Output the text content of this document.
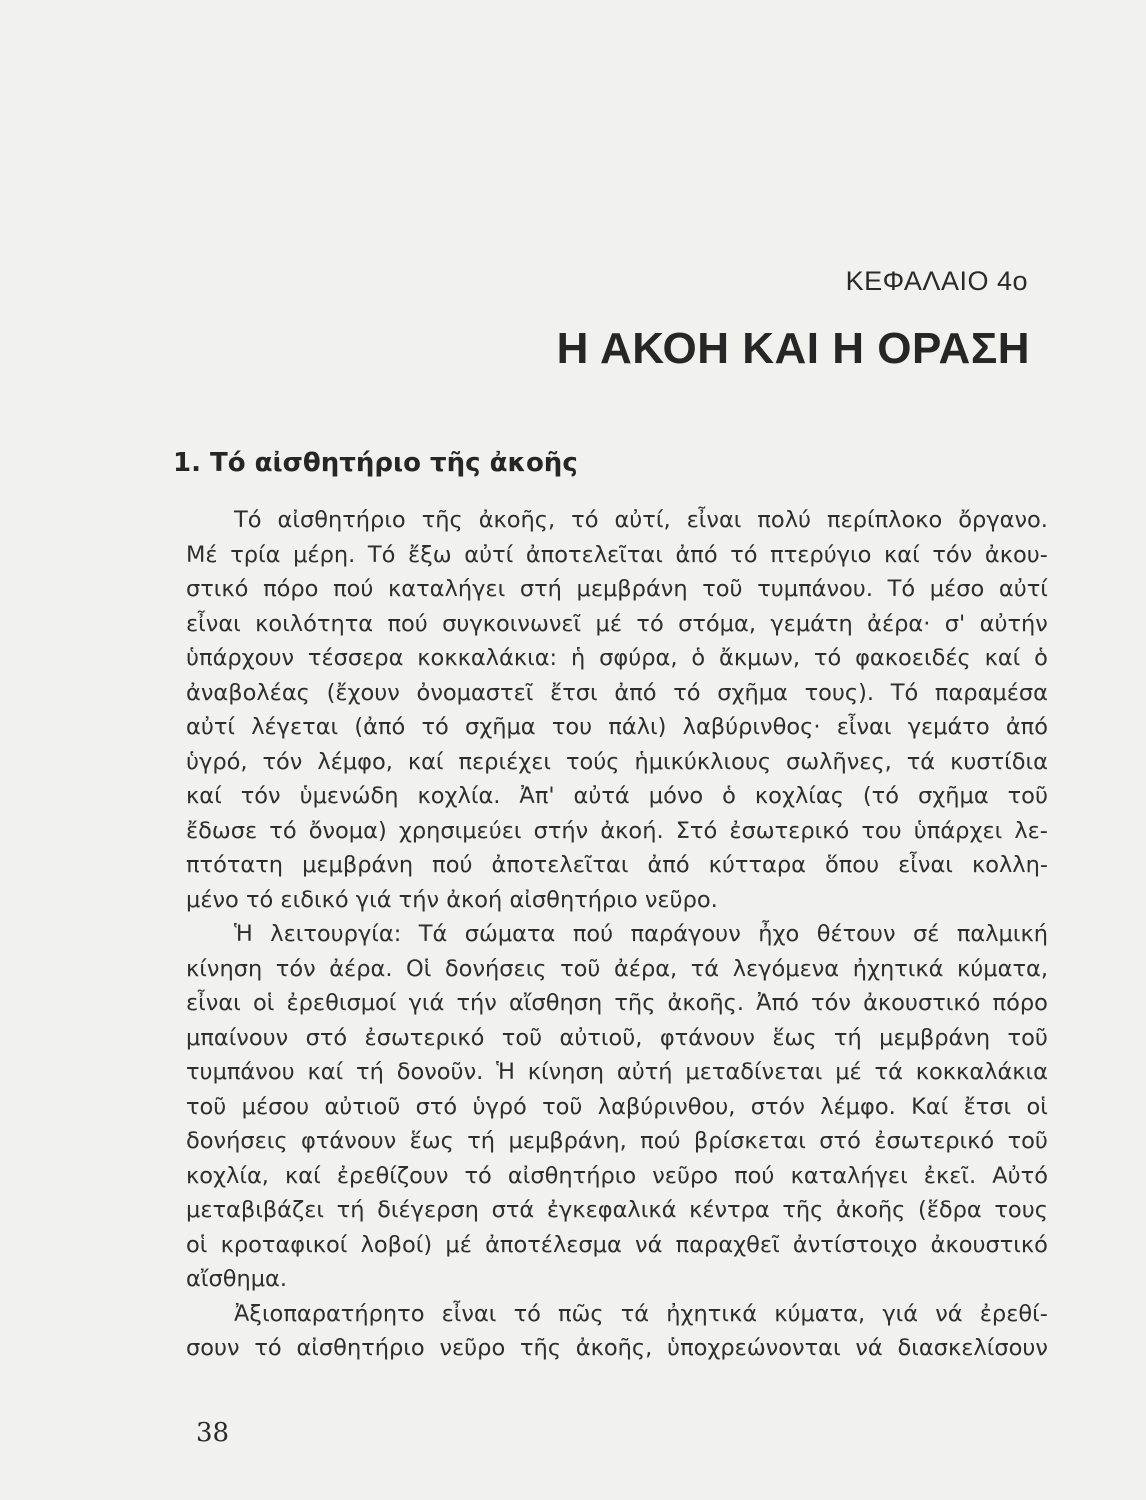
ΚΕΦΑΛΑΙΟ 4ο
Η ΑΚΟΗ ΚΑΙ Η ΟΡΑΣΗ
1. Τό αἰσθητήριο τῆς ἀκοῆς
Τό αἰσθητήριο τῆς ἀκοῆς, τό αὐτί, εἶναι πολύ περίπλοκο ὄργανο.
Μέ τρία μέρη. Τό ἔξω αὐτί ἀποτελεῖται ἀπό τό πτερύγιο καί τόν ἀκου-
στικό πόρο πού καταλήγει στή μεμβράνη τοῦ τυμπάνου. Τό μέσο αὐτί
εἶναι κοιλότητα πού συγκοινωνεῖ μέ τό στόμα, γεμάτη ἀέρα· σ' αὐτήν
ὑπάρχουν τέσσερα κοκκαλάκια: ἡ σφύρα, ὁ ἄκμων, τό φακοειδές καί ὁ
ἀναβολέας (ἔχουν ὀνομαστεῖ ἔτσι ἀπό τό σχῆμα τους). Τό παραμέσα
αὐτί λέγεται (ἀπό τό σχῆμα του πάλι) λαβύρινθος· εἶναι γεμάτο ἀπό
ὑγρό, τόν λέμφο, καί περιέχει τούς ἡμικύκλιους σωλῆνες, τά κυστίδια
καί τόν ὑμενώδη κοχλία. Ἀπ' αὐτά μόνο ὁ κοχλίας (τό σχῆμα τοῦ
ἔδωσε τό ὄνομα) χρησιμεύει στήν ἀκοή. Στό ἐσωτερικό του ὑπάρχει λε-
πτότατη μεμβράνη πού ἀποτελεῖται ἀπό κύτταρα ὅπου εἶναι κολλη-
μένο τό ειδικό γιά τήν ἀκοή αἰσθητήριο νεῦρο.
Ἡ λειτουργία: Τά σώματα πού παράγουν ἦχο θέτουν σέ παλμική
κίνηση τόν ἀέρα. Οἱ δονήσεις τοῦ ἀέρα, τά λεγόμενα ἠχητικά κύματα,
εἶναι οἱ ἐρεθισμοί γιά τήν αἴσθηση τῆς ἀκοῆς. Ἀπό τόν ἀκουστικό πόρο
μπαίνουν στό ἐσωτερικό τοῦ αὐτιοῦ, φτάνουν ἕως τή μεμβράνη τοῦ
τυμπάνου καί τή δονοῦν. Ἡ κίνηση αὐτή μεταδίνεται μέ τά κοκκαλάκια
τοῦ μέσου αὐτιοῦ στό ὑγρό τοῦ λαβύρινθου, στόν λέμφο. Καί ἔτσι οἱ
δονήσεις φτάνουν ἕως τή μεμβράνη, πού βρίσκεται στό ἐσωτερικό τοῦ
κοχλία, καί ἐρεθίζουν τό αἰσθητήριο νεῦρο πού καταλήγει ἐκεῖ. Αὐτό
μεταβιβάζει τή διέγερση στά ἐγκεφαλικά κέντρα τῆς ἀκοῆς (ἕδρα τους
οἱ κροταφικοί λοβοί) μέ ἀποτέλεσμα νά παραχθεῖ ἀντίστοιχο ἀκουστικό
αἴσθημα.
Ἀξιοπαρατήρητο εἶναι τό πῶς τά ἠχητικά κύματα, γιά νά ἐρεθί-
σουν τό αἰσθητήριο νεῦρο τῆς ἀκοῆς, ὑποχρεώνονται νά διασκελίσουν
38
